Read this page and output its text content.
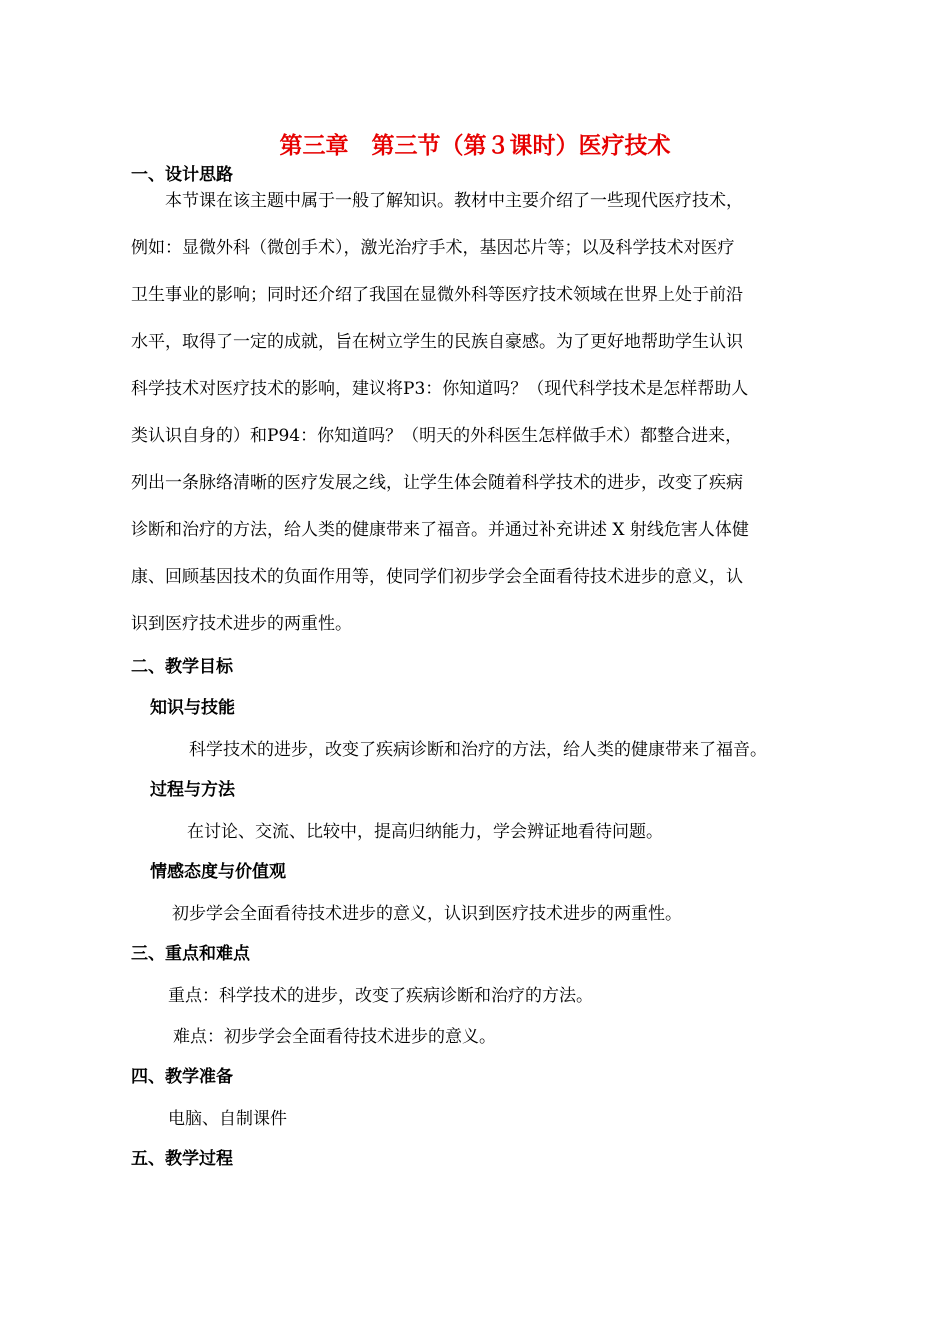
第三章　第三节（第３课时）医疗技术
一、设计思路
　　本节课在该主题中属于一般了解知识。教材中主要介绍了一些现代医疗技术，
例如：显微外科（微创手术），激光治疗手术，基因芯片等；以及科学技术对医疗
卫生事业的影响；同时还介绍了我国在显微外科等医疗技术领域在世界上处于前沿
水平，取得了一定的成就，旨在树立学生的民族自豪感。为了更好地帮助学生认识
科学技术对医疗技术的影响，建议将P3：你知道吗？（现代科学技术是怎样帮助人
类认识自身的）和P94：你知道吗？（明天的外科医生怎样做手术）都整合进来，
列出一条脉络清晰的医疗发展之线，让学生体会随着科学技术的进步，改变了疾病
诊断和治疗的方法，给人类的健康带来了福音。并通过补充讲述 X 射线危害人体健
康、回顾基因技术的负面作用等，使同学们初步学会全面看待技术进步的意义，认
识到医疗技术进步的两重性。
二、教学目标
知识与技能
科学技术的进步，改变了疾病诊断和治疗的方法，给人类的健康带来了福音。
过程与方法
在讨论、交流、比较中，提高归纳能力，学会辨证地看待问题。
情感态度与价值观
初步学会全面看待技术进步的意义，认识到医疗技术进步的两重性。
三、重点和难点
重点：科学技术的进步，改变了疾病诊断和治疗的方法。
难点：初步学会全面看待技术进步的意义。
四、教学准备
电脑、自制课件
五、教学过程
